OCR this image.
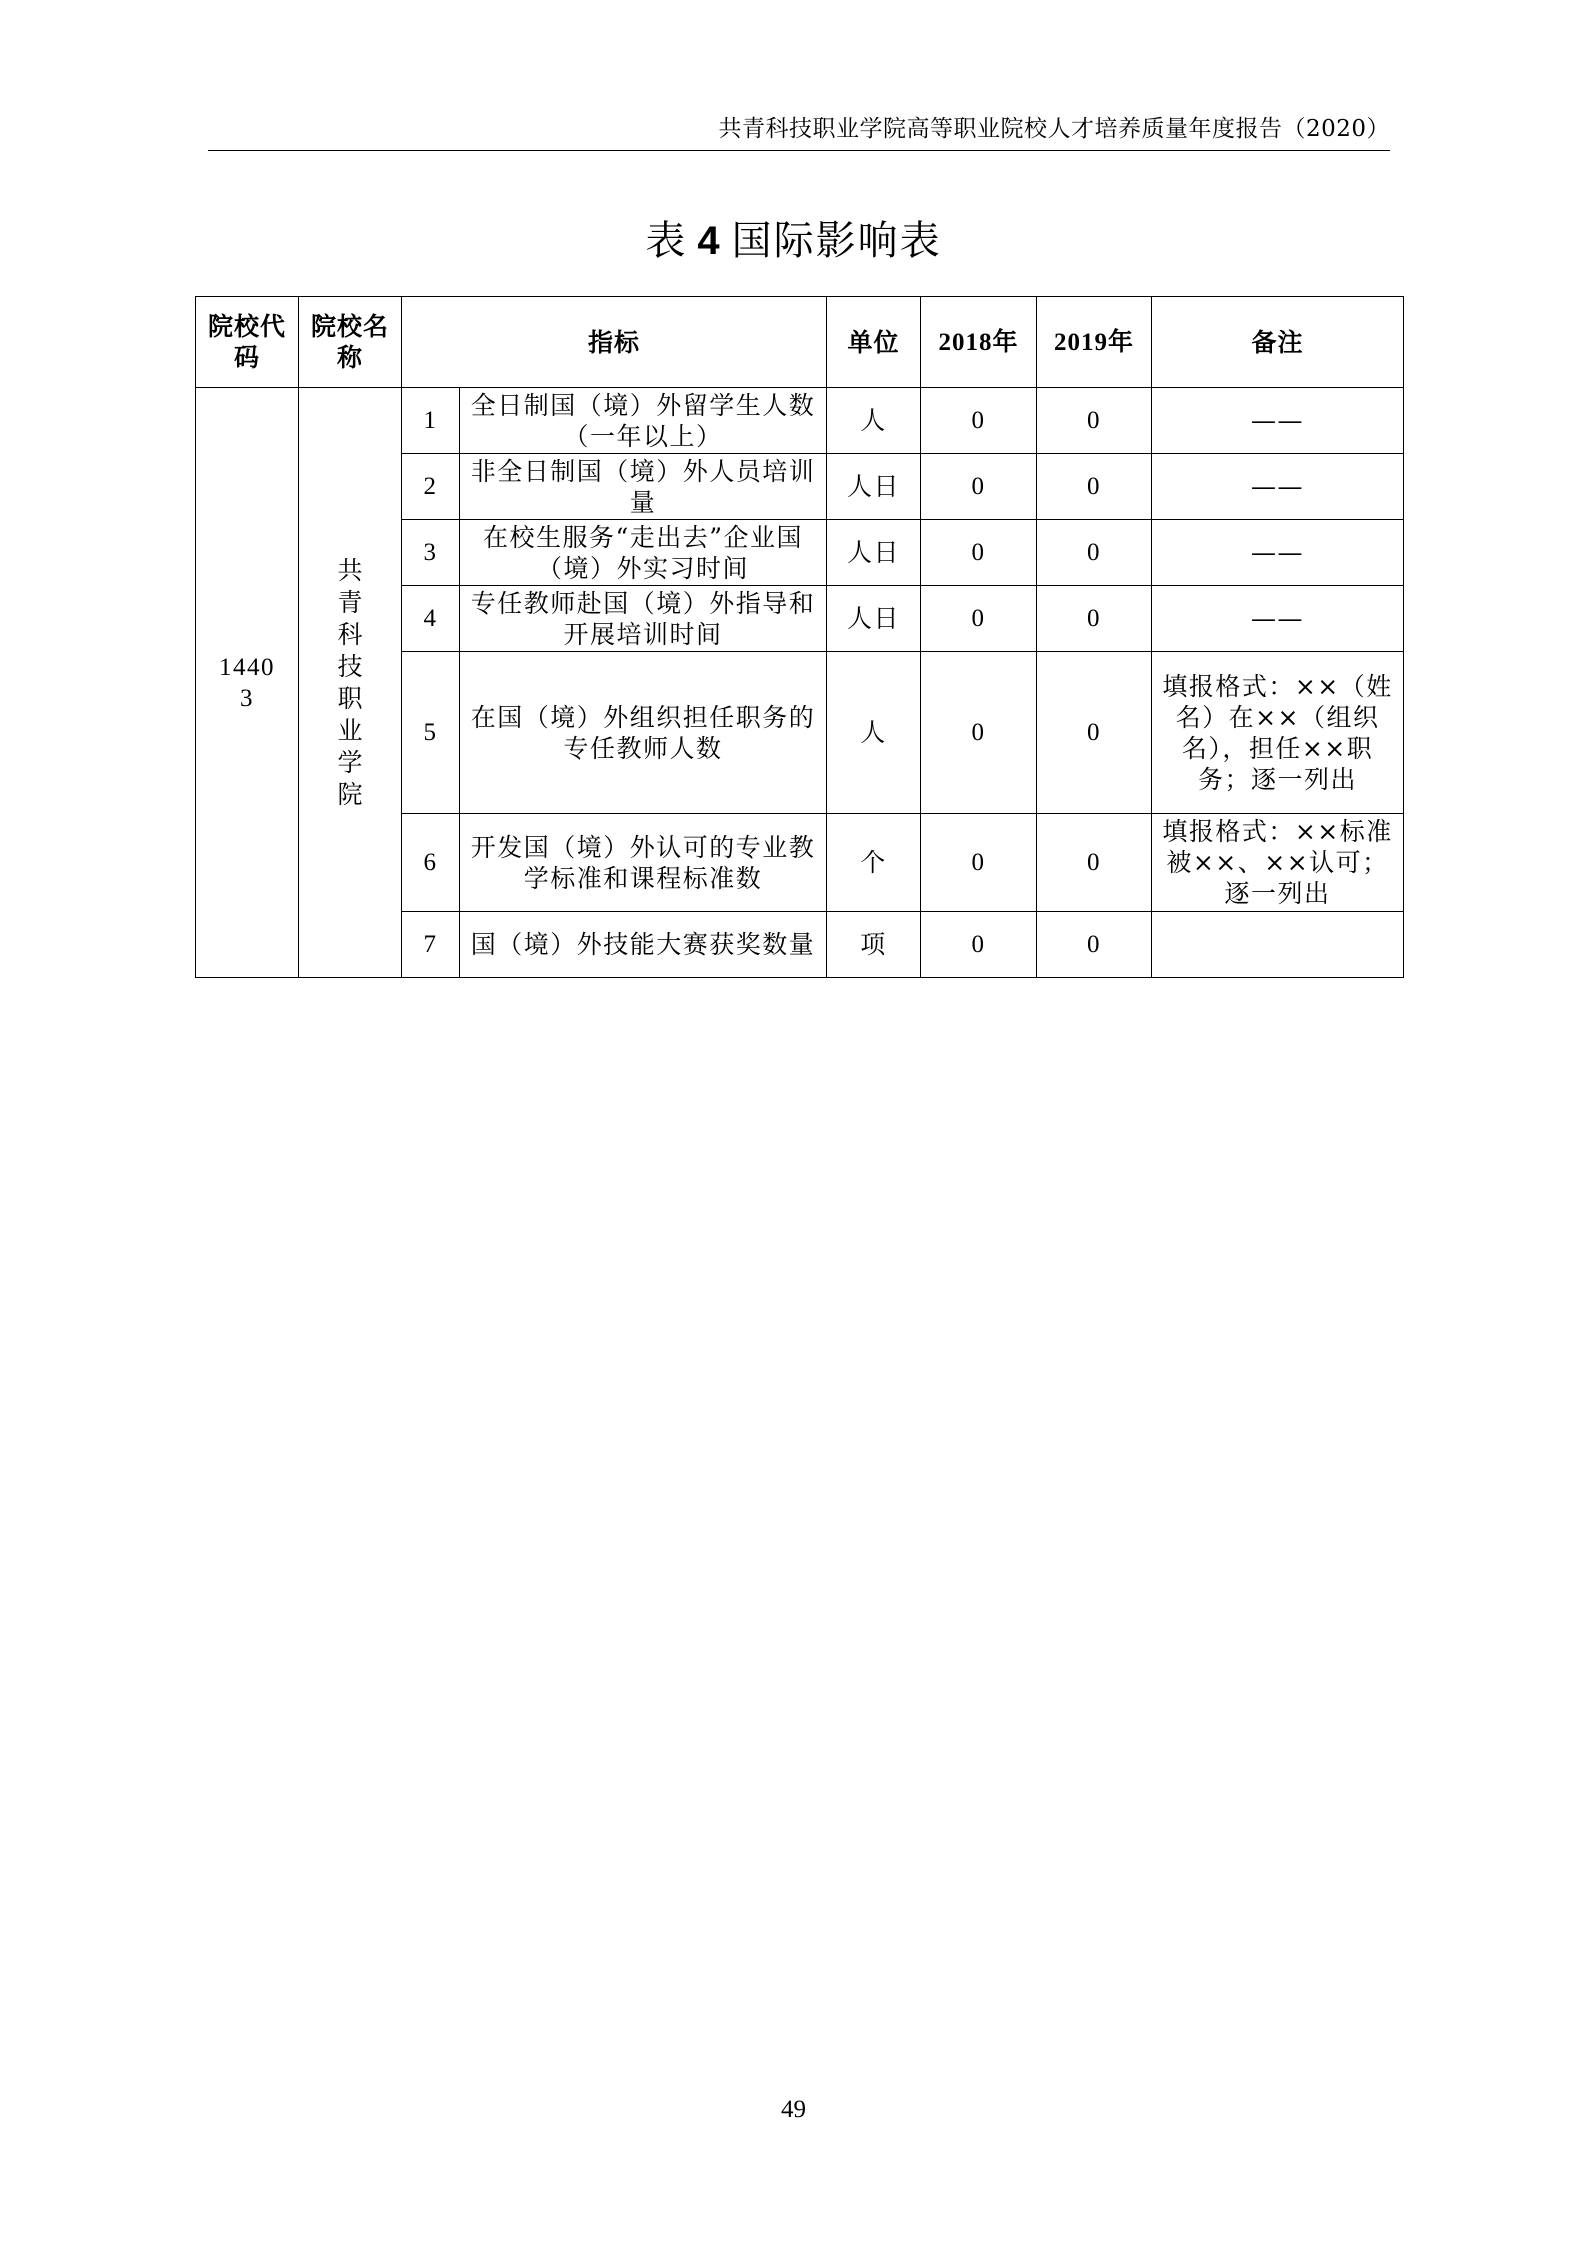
共青科技职业学院高等职业院校人才培养质量年度报告（2020）
表 4 国际影响表
院校代码	院校名称	指标		单位	2018年	2019年	备注
14403	共青科技职业学院	1	全日制国（境）外留学生人数（一年以上）	人	0	0	——
		2	非全日制国（境）外人员培训量	人日	0	0	——
		3	在校生服务“走出去”企业国（境）外实习时间	人日	0	0	——
		4	专任教师赴国（境）外指导和开展培训时间	人日	0	0	——
		5	在国（境）外组织担任职务的专任教师人数	人	0	0	填报格式：××（姓名）在××（组织名），担任××职务；逐一列出
		6	开发国（境）外认可的专业教学标准和课程标准数	个	0	0	填报格式：××标准被××、××认可；逐一列出
		7	国（境）外技能大赛获奖数量	项	0	0	
49
